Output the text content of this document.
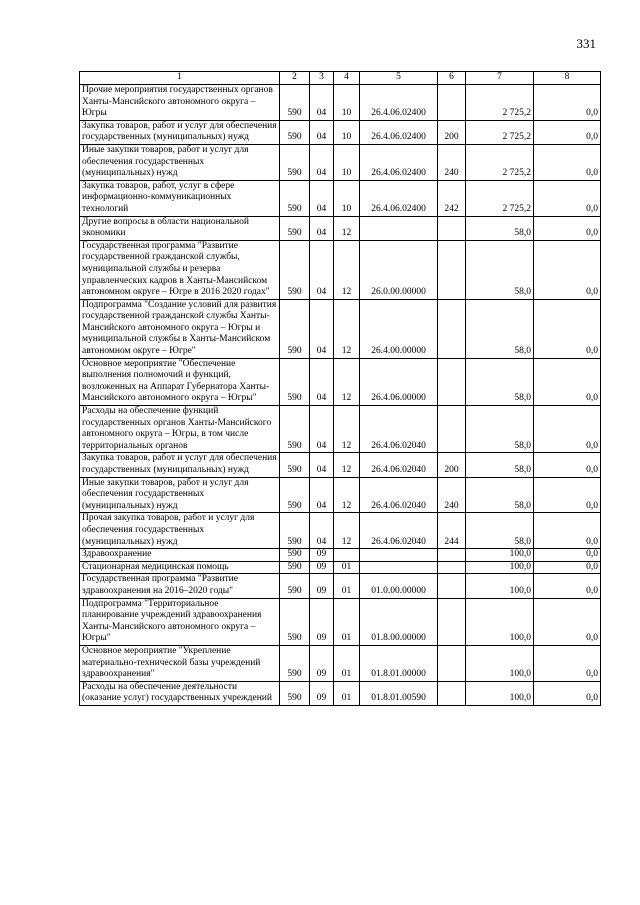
331
1	2	3	4	5	6	7	8
Прочие мероприятия государственных органов Ханты-Мансийского автономного округа – Югры	590	04	10	26.4.06.02400		2 725,2	0,0
Закупка товаров, работ и услуг для обеспечения государственных (муниципальных) нужд	590	04	10	26.4.06.02400	200	2 725,2	0,0
Иные закупки товаров, работ и услуг для обеспечения государственных (муниципальных) нужд	590	04	10	26.4.06.02400	240	2 725,2	0,0
Закупка товаров, работ, услуг в сфере информационно-коммуникационных технологий	590	04	10	26.4.06.02400	242	2 725,2	0,0
Другие вопросы в области национальной экономики	590	04	12			58,0	0,0
Государственная программа "Развитие государственной гражданской службы, муниципальной службы и резерва управленческих кадров в Ханты-Мансийском автономном округе – Югре в 2016 2020 годах"	590	04	12	26.0.00.00000		58,0	0,0
Подпрограмма "Создание условий для развития государственной гражданской службы Ханты-Мансийского автономного округа – Югры и муниципальной службы в Ханты-Мансийском автономном округе – Югре"	590	04	12	26.4.00.00000		58,0	0,0
Основное мероприятие "Обеспечение выполнения полномочий и функций, возложенных на Аппарат Губернатора Ханты-Мансийского автономного округа – Югры"	590	04	12	26.4.06.00000		58,0	0,0
Расходы на обеспечение функций государственных органов Ханты-Мансийского автономного округа – Югры, в том числе территориальных органов	590	04	12	26.4.06.02040		58,0	0,0
Закупка товаров, работ и услуг для обеспечения государственных (муниципальных) нужд	590	04	12	26.4.06.02040	200	58,0	0,0
Иные закупки товаров, работ и услуг для обеспечения государственных (муниципальных) нужд	590	04	12	26.4.06.02040	240	58,0	0,0
Прочая закупка товаров, работ и услуг для обеспечения государственных (муниципальных) нужд	590	04	12	26.4.06.02040	244	58,0	0,0
Здравоохранение	590	09				100,0	0,0
Стационарная медицинская помощь	590	09	01			100,0	0,0
Государственная программа "Развитие здравоохранения на 2016–2020 годы"	590	09	01	01.0.00.00000		100,0	0,0
Подпрограмма "Территориальное планирование учреждений здравоохранения Ханты-Мансийского автономного округа – Югры"	590	09	01	01.8.00.00000		100,0	0,0
Основное мероприятие "Укрепление материально-технической базы учреждений здравоохранения"	590	09	01	01.8.01.00000		100,0	0,0
Расходы на обеспечение деятельности (оказание услуг) государственных учреждений	590	09	01	01.8.01.00590		100,0	0,0
